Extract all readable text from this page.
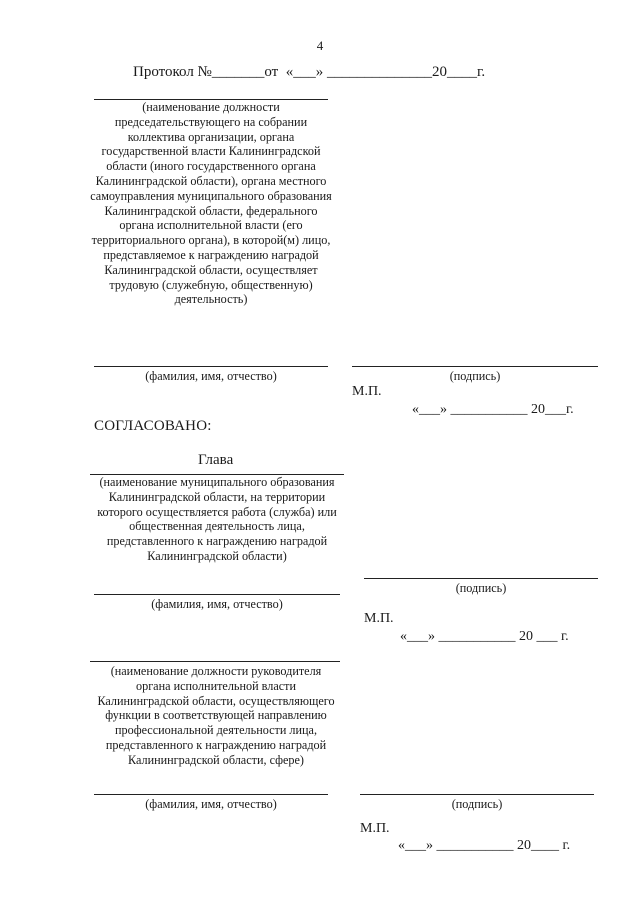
4
Протокол №_______от  «___» ______________20____г.
(наименование должности председательствующего на собрании коллектива организации, органа государственной власти Калининградской области (иного государственного органа Калининградской области), органа местного самоуправления муниципального образования Калининградской области, федерального органа исполнительной власти (его территориального органа), в которой(м) лицо, представляемое к награждению наградой Калининградской области, осуществляет трудовую (служебную, общественную) деятельность)
(фамилия, имя, отчество)	(подпись)
М.П.
«___» ___________ 20___г.
СОГЛАСОВАНО:
Глава
(наименование муниципального образования Калининградской области, на территории которого осуществляется работа (служба) или общественная деятельность лица, представленного к награждению наградой Калининградской области)
(фамилия, имя, отчество)
(подпись)
М.П.
«___» ___________ 20 ___ г.
(наименование должности руководителя органа исполнительной власти Калининградской области, осуществляющего функции в соответствующей направлению профессиональной деятельности лица, представленного к награждению наградой Калининградской области, сфере)
(фамилия, имя, отчество)	(подпись)
М.П.
«___» ___________ 20____ г.
